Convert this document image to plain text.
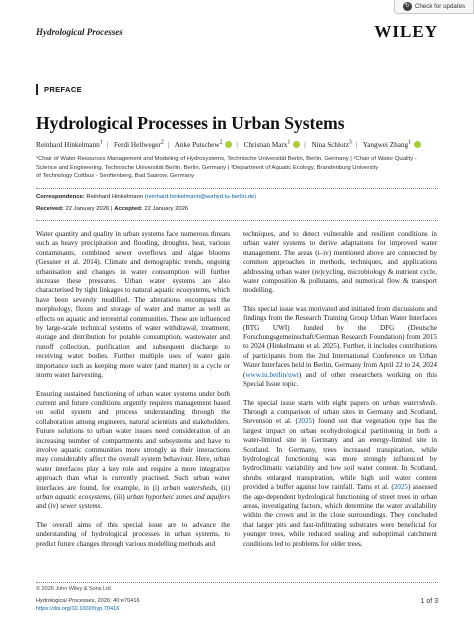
↻ Check for updates
Hydrological Processes	WILEY
PREFACE
Hydrological Processes in Urban Systems
Reinhard Hinkelmann$^1$ | Ferdi Hellweger$^2$ | Anke Putschew$^2$ | Christian Marx$^1$ | Nina Schlotz$^3$ | Yangwei Zhang$^1$
¹Chair of Water Resources Management and Modeling of Hydrosystems, Technische Universität Berlin, Berlin, Germany | ²Chair of Water Quality -
Science and Engineering, Technische Universität Berlin, Berlin, Germany | ³Department of Aquatic Ecology, Brandenburg University
of Technology Cottbus - Senftenberg, Bad Saarow, Germany
Correspondence: Reinhard Hinkelmann (reinhard.hinkelmann@wahyd.tu-berlin.de)
Received: 22 January 2026 | Accepted: 22 January 2026

Water quantity and quality in urban systems face numerous threats such as heavy precipitation and flooding, droughts, heat, various contaminants, combined sewer overflows and algae blooms (Gessner et al. 2014). Climate and demographic trends, ongoing urbanisation and changes in water consumption will further increase these pressures. Urban water systems are also characterised by tight linkages to natural aquatic ecosystems, which have been severely modified. The alterations encompass the morphology, fluxes and storage of water and matter as well as effects on aquatic and terrestrial communities. These are influenced by large-scale technical systems of water withdrawal, treatment, storage and distribution for potable consumption, wastewater and runoff collection, purification and subsequent discharge to receiving water bodies. Further multiple uses of water gain importance such as keeping more water (and matter) in a cycle or storm water harvesting.

Ensuring sustained functioning of urban water systems under both current and future conditions urgently requires management based on solid system and process understanding through the collaboration among engineers, natural scientists and stakeholders. Future solutions to urban water issues need consideration of an increasing number of compartments and subsystems and have to involve aquatic communities more strongly as their interactions may considerably affect the overall system behaviour. Here, urban water interfaces play a key role and require a more integrative approach than what is currently practised. Such urban water interfaces are found, for example, in (i) urban watersheds, (ii) urban aquatic ecosystems, (iii) urban hyporheic zones and aquifers and (iv) sewer systems.

The overall aims of this special issue are to advance the understanding of hydrological processes in urban systems, to predict future changes through various modelling methods and

techniques, and to detect vulnerable and resilient conditions in urban water systems to derive adaptations for improved water management. The areas (i–iv) mentioned above are connected by common approaches in methods, techniques, and applications addressing urban water (re)cycling, microbiology & nutrient cycle, water composition & pollutants, and numerical flow & transport modelling.

This special issue was motivated and initiated from discussions and findings from the Research Training Group Urban Water Interfaces (RTG UWI) funded by the DFG (Deutsche Forschungsgemeinschaft/German Research Foundation) from 2015 to 2024 (Hinkelmann et al. 2025). Further, it includes contributions of participants from the 2nd International Conference on Urban Water Interfaces held in Berlin, Germany from April 22 to 24, 2024 (www.tu.berlin/uwi) and of other researchers working on this Special Issue topic.

The special issue starts with eight papers on urban watersheds. Through a comparison of urban sites in Germany and Scotland, Stevenson et al. (2025) found out that vegetation type has the largest impact on urban ecohydrological partitioning in both a water-limited site in Germany and an energy-limited site in Scotland. In Germany, trees increased transpiration, while hydrological functioning was more strongly influenced by hydroclimatic variability and low soil water content. In Scotland, shrubs enlarged transpiration, while high soil water content provided a buffer against low rainfall. Tams et al. (2025) assessed the age-dependent hydrological functioning of street trees in urban areas, investigating factors, which determine the water availability within the crown and in the close surroundings. They concluded that larger pits and fast-infiltrating substrates were beneficial for younger trees, while reduced sealing and suboptimal catchment conditions led to problems for older trees.

© 2026 John Wiley & Sons Ltd.
Hydrological Processes, 2026; 40:e70416
https://doi.org/10.1002/hyp.70416
1 of 3
